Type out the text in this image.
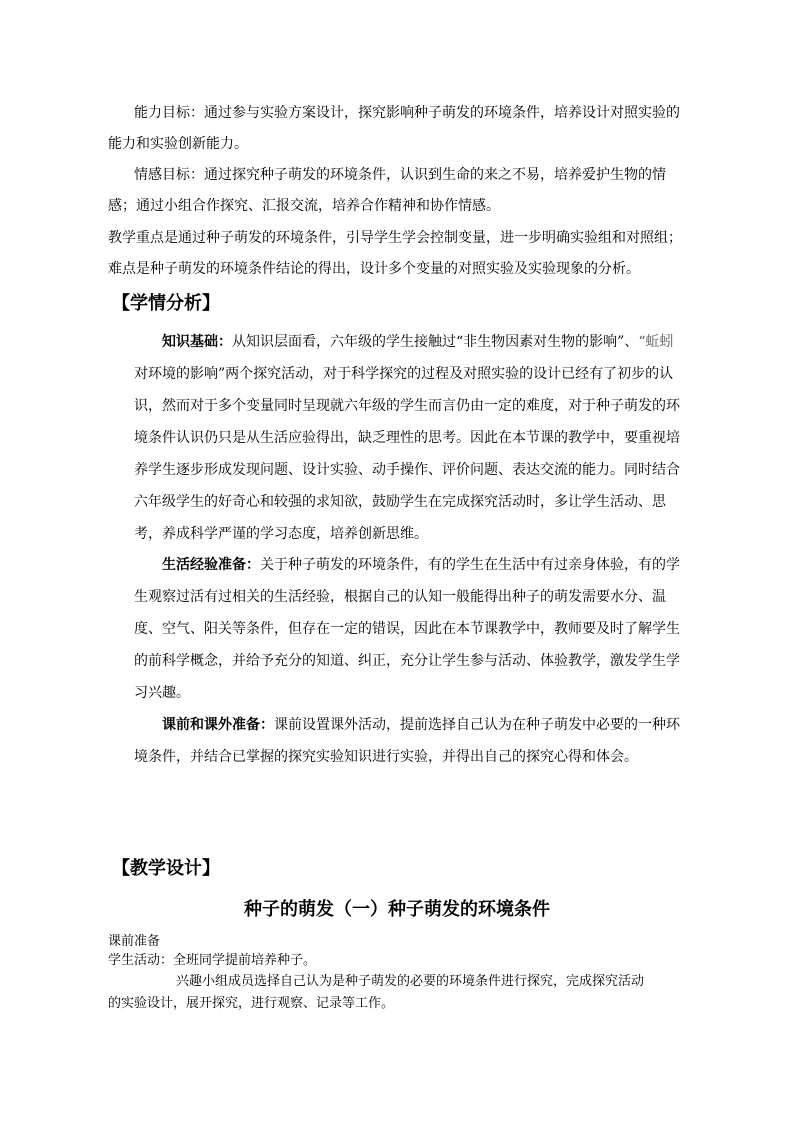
能力目标：通过参与实验方案设计，探究影响种子萌发的环境条件，培养设计对照实验的
能力和实验创新能力。
情感目标：通过探究种子萌发的环境条件，认识到生命的来之不易，培养爱护生物的情
感；通过小组合作探究、汇报交流，培养合作精神和协作情感。
教学重点是通过种子萌发的环境条件，引导学生学会控制变量，进一步明确实验组和对照组；
难点是种子萌发的环境条件结论的得出，设计多个变量的对照实验及实验现象的分析。
【学情分析】
知识基础：从知识层面看，六年级的学生接触过“非生物因素对生物的影响”、“蚯蚓
对环境的影响”两个探究活动，对于科学探究的过程及对照实验的设计已经有了初步的认
识，然而对于多个变量同时呈现就六年级的学生而言仍由一定的难度，对于种子萌发的环
境条件认识仍只是从生活应验得出，缺乏理性的思考。因此在本节课的教学中，要重视培
养学生逐步形成发现问题、设计实验、动手操作、评价问题、表达交流的能力。同时结合
六年级学生的好奇心和较强的求知欲，鼓励学生在完成探究活动时，多让学生活动、思
考，养成科学严谨的学习态度，培养创新思维。
生活经验准备：关于种子萌发的环境条件，有的学生在生活中有过亲身体验，有的学
生观察过活有过相关的生活经验，根据自己的认知一般能得出种子的萌发需要水分、温
度、空气、阳关等条件，但存在一定的错误，因此在本节课教学中，教师要及时了解学生
的前科学概念，并给予充分的知道、纠正，充分让学生参与活动、体验教学，激发学生学
习兴趣。
课前和课外准备：课前设置课外活动，提前选择自己认为在种子萌发中必要的一种环
境条件，并结合已掌握的探究实验知识进行实验，并得出自己的探究心得和体会。
【教学设计】
种子的萌发（一）种子萌发的环境条件
课前准备
学生活动：全班同学提前培养种子。
兴趣小组成员选择自己认为是种子萌发的必要的环境条件进行探究，完成探究活动
的实验设计，展开探究，进行观察、记录等工作。
